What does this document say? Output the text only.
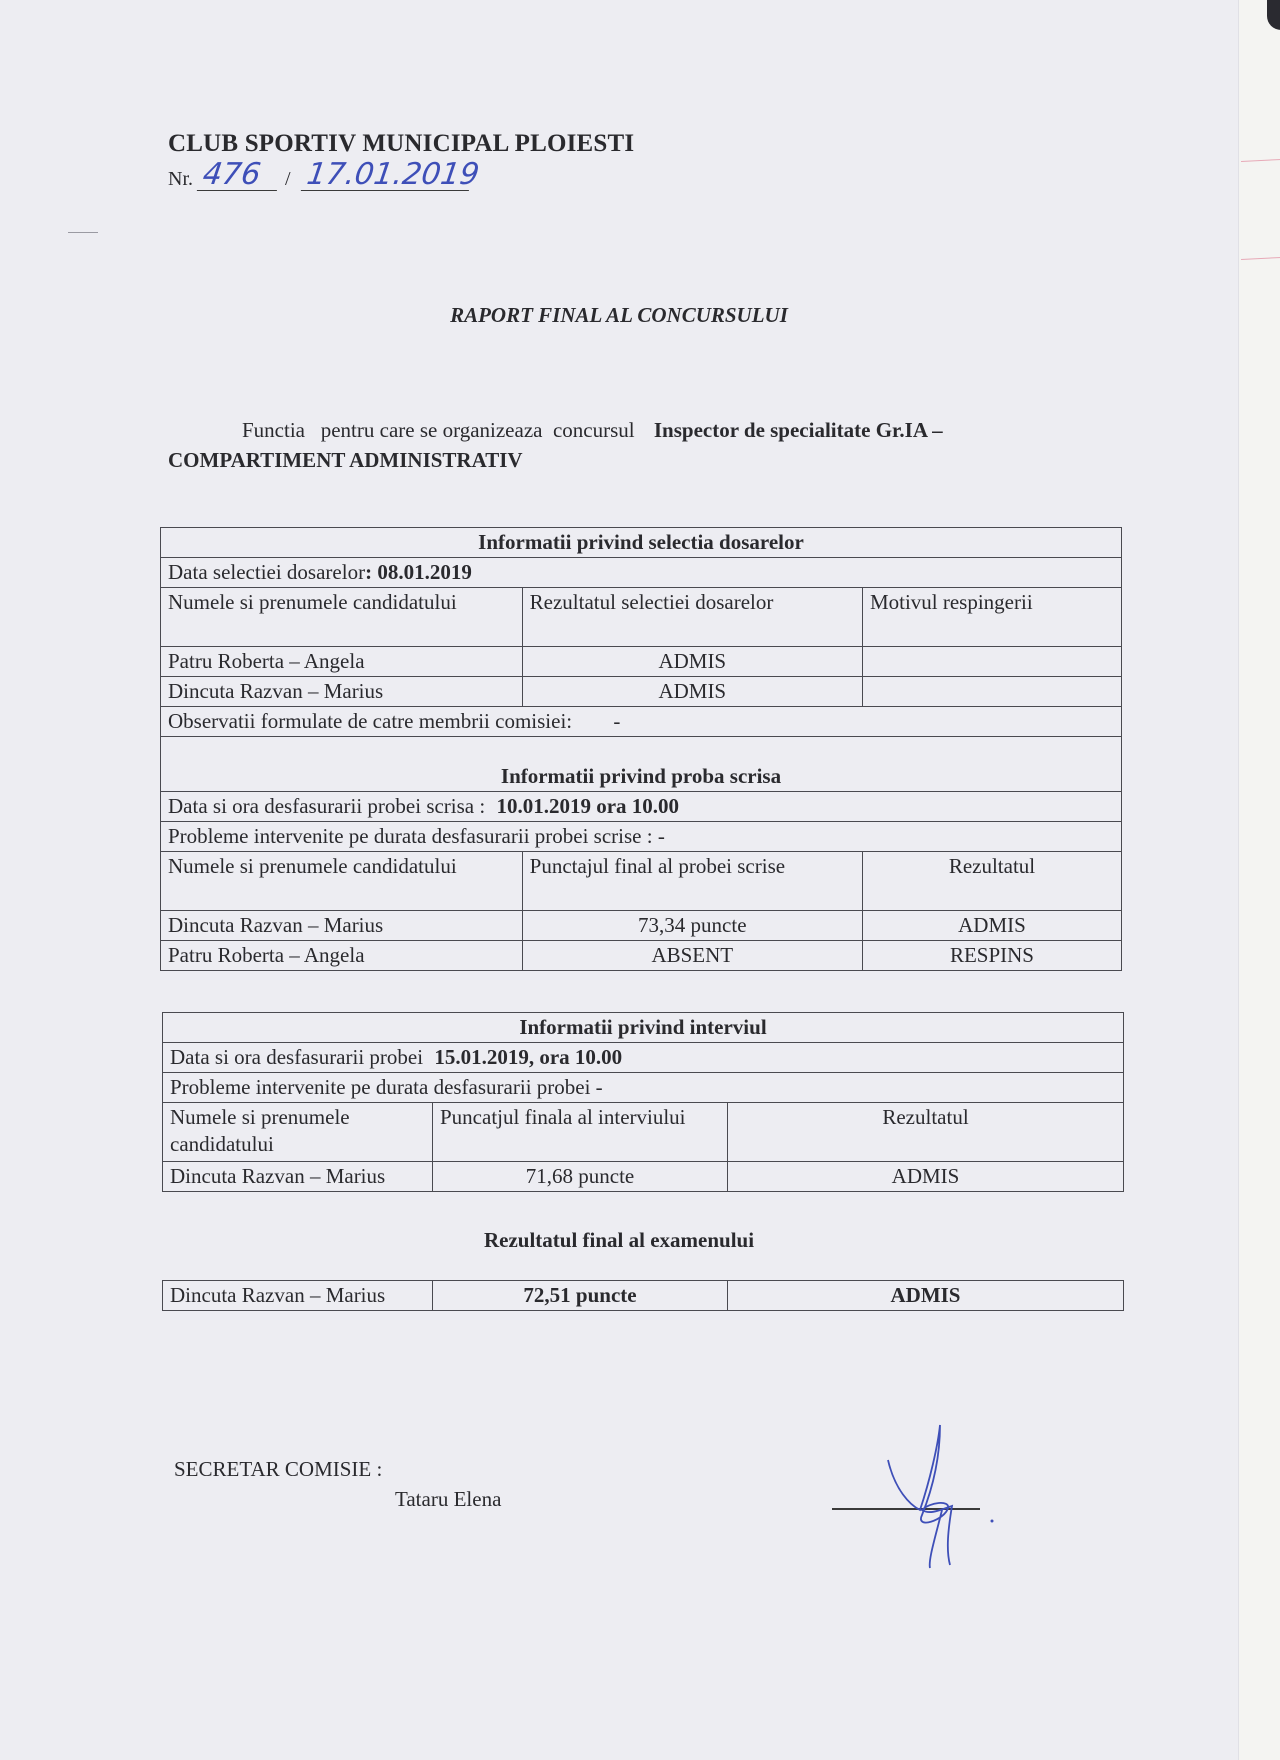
CLUB SPORTIV MUNICIPAL PLOIESTI
Nr. 476	/ 17.01.2019
RAPORT FINAL AL CONCURSULUI
Functia   pentru care se organizeaza  concursul Inspector de specialitate Gr.IA –
COMPARTIMENT ADMINISTRATIV
Informatii privind selectia dosarelor		
Data selectiei dosarelor: 08.01.2019		
Numele si prenumele candidatului	Rezultatul selectiei dosarelor	Motivul respingerii
Patru Roberta – Angela	ADMIS	
Dincuta Razvan – Marius	ADMIS	
Observatii formulate de catre membrii comisiei: -		
Informatii privind proba scrisa		
Data si ora desfasurarii probei scrisa : 10.01.2019 ora 10.00		
Probleme intervenite pe durata desfasurarii probei scrise : -		
Numele si prenumele candidatului	Punctajul final al probei scrise	Rezultatul
Dincuta Razvan – Marius	73,34 puncte	ADMIS
Patru Roberta – Angela	ABSENT	RESPINS
Informatii privind interviul		
Data si ora desfasurarii probei 15.01.2019, ora 10.00		
Probleme intervenite pe durata desfasurarii probei -		
Numele si prenumele candidatului	Puncatjul finala al interviului	Rezultatul
Dincuta Razvan – Marius	71,68 puncte	ADMIS
Rezultatul final al examenului
Dincuta Razvan – Marius	72,51 puncte	ADMIS
SECRETAR COMISIE :
Tataru Elena
